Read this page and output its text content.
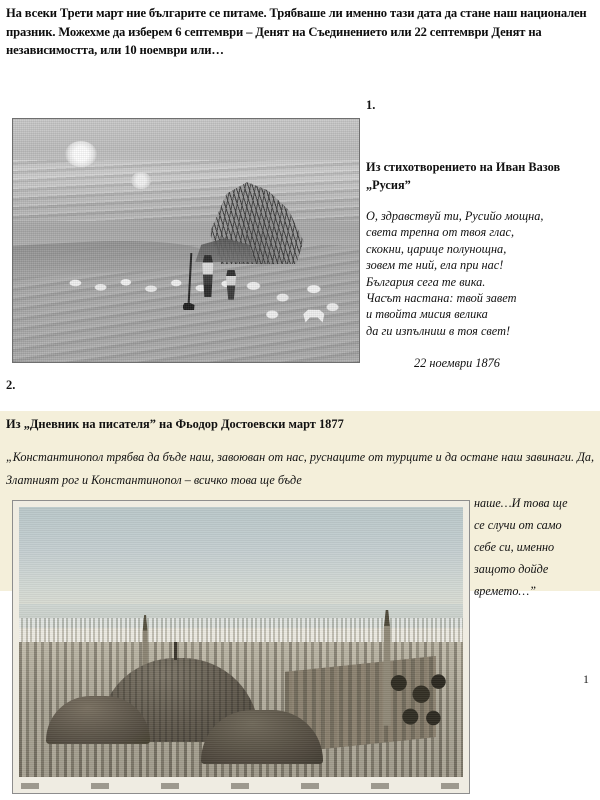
На всеки Трети март ние българите се питаме. Трябваше ли именно тази дата да стане наш национален празник. Можехме да изберем 6 септември – Денят на Съединението или 22 септември Денят на независимостта, или 10 ноември или…
1.
Из стихотворението на Иван Вазов „Русия”
О, здравствуй ти, Русийо мощна,
света трепна от твоя глас,
скокни, царице полунощна,
зовем те ний, ела при нас!
България сега те вика.
Часът настана: твой завет
и твойта мисия велика
да ги изпълниш в тоя свет!
22 ноември 1876
2.
Из „Дневник на писателя” на Фьодор Достоевски март 1877
„Константинопол трябва да бъде наш, завоюван от нас, руснаците от турците и да остане наш завинаги. Да, Златният рог и Константинопол – всичко това ще бъде
наше…И това ще
се случи от само
себе си, именно
защото дойде
времето…”
1
